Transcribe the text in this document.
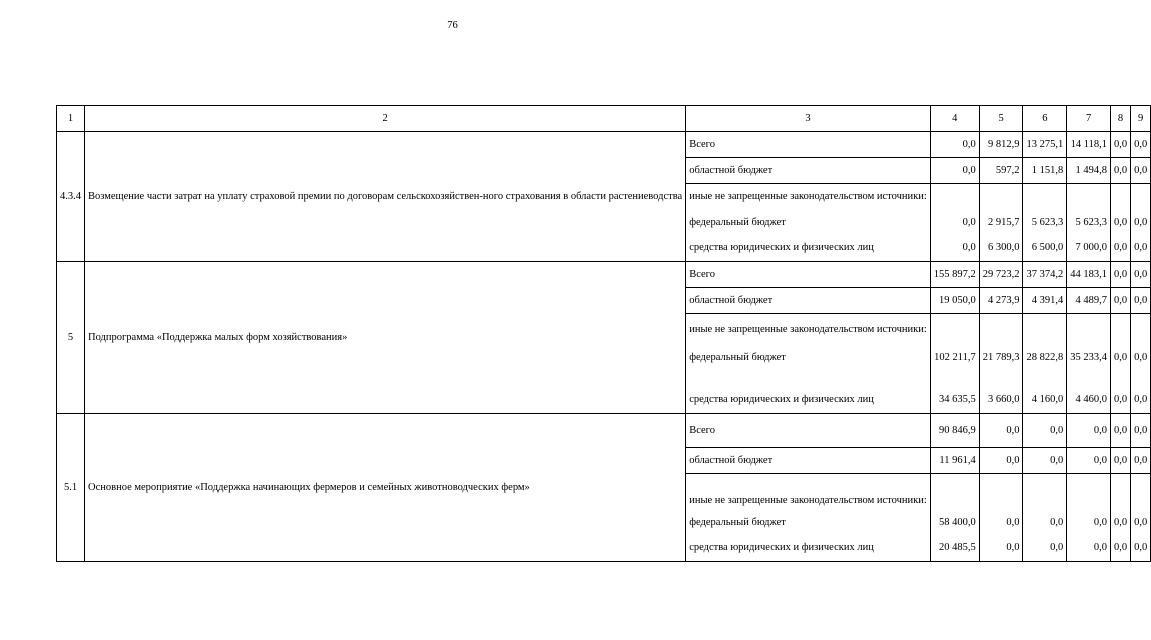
76
1	2	3	4	5	6	7	8	9
4.3.4	Возмещение части затрат на уплату страховой премии по договорам сельскохозяйствен-ного страхования в области растениеводства	Всего	0,0	9 812,9	13 275,1	14 118,1	0,0	0,0
		областной бюджет	0,0	597,2	1 151,8	1 494,8	0,0	0,0
		иные не запрещенные законодательством источники:						
		федеральный бюджет	0,0	2 915,7	5 623,3	5 623,3	0,0	0,0
		средства юридических и физических лиц	0,0	6 300,0	6 500,0	7 000,0	0,0	0,0
5	Подпрограмма «Поддержка малых форм хозяйствования»	Всего	155 897,2	29 723,2	37 374,2	44 183,1	0,0	0,0
		областной бюджет	19 050,0	4 273,9	4 391,4	4 489,7	0,0	0,0
		иные не запрещенные законодательством источники:						
		федеральный бюджет	102 211,7	21 789,3	28 822,8	35 233,4	0,0	0,0
		средства юридических и физических лиц	34 635,5	3 660,0	4 160,0	4 460,0	0,0	0,0
5.1	Основное мероприятие «Поддержка начинающих фермеров и семейных животноводческих ферм»	Всего	90 846,9	0,0	0,0	0,0	0,0	0,0
		областной бюджет	11 961,4	0,0	0,0	0,0	0,0	0,0
		иные не запрещенные законодательством источники:						
		федеральный бюджет	58 400,0	0,0	0,0	0,0	0,0	0,0
		средства юридических и физических лиц	20 485,5	0,0	0,0	0,0	0,0	0,0
